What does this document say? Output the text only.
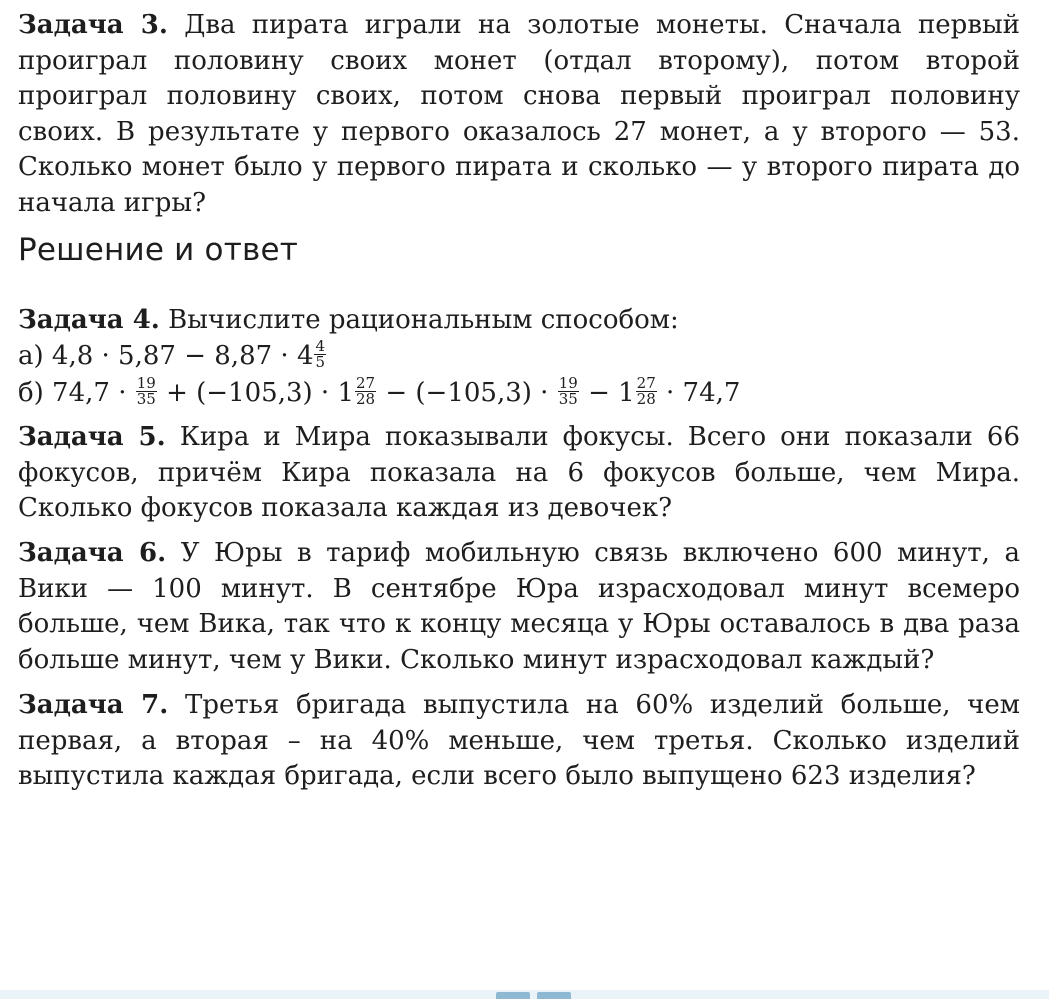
Задача 3. Два пирата играли на золотые монеты. Сначала первый проиграл половину своих монет (отдал второму), потом второй проиграл половину своих, потом снова первый проиграл половину своих. В результате у первого оказалось 27 монет, а у второго — 53. Сколько монет было у первого пирата и сколько — у второго пирата до начала игры?

Решение и ответ

Задача 4. Вычислите рациональным способом:

а) $4,8 \cdot 5,87 - 8,87 \cdot 4 \frac{4}{5}$
б) $74,7 \cdot \frac{19}{35} + (-105,3) \cdot 1 \frac{27}{28} - (-105,3) \cdot \frac{19}{35} - 1 \frac{27}{28} \cdot 74,7$

Задача 5. Кира и Мира показывали фокусы. Всего они показали 66 фокусов, причём Кира показала на 6 фокусов больше, чем Мира. Сколько фокусов показала каждая из девочек?

Задача 6. У Юры в тариф мобильную связь включено 600 минут, а Вики — 100 минут. В сентябре Юра израсходовал минут всемеро больше, чем Вика, так что к концу месяца у Юры оставалось в два раза больше минут, чем у Вики. Сколько минут израсходовал каждый?

Задача 7. Третья бригада выпустила на 60% изделий больше, чем первая, а вторая – на 40% меньше, чем третья. Сколько изделий выпустила каждая бригада, если всего было выпущено 623 изделия?
